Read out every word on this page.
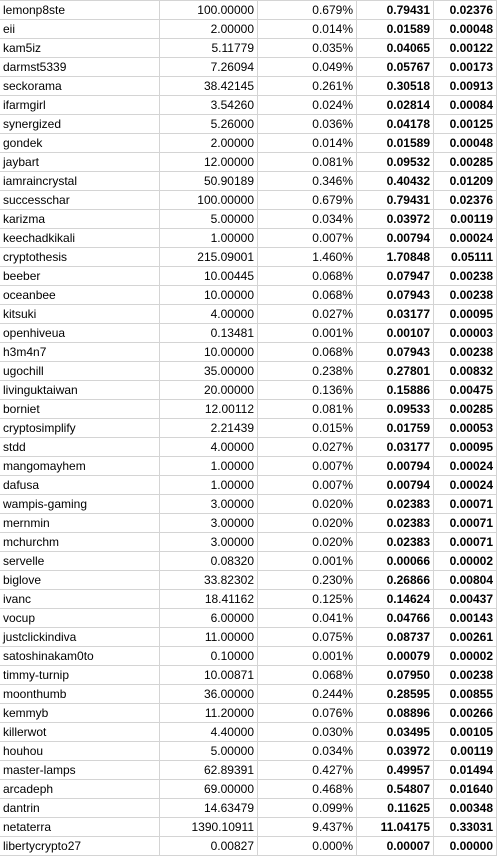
lemonp8ste	100.00000	0.679%	0.79431	0.02376
eii	2.00000	0.014%	0.01589	0.00048
kam5iz	5.11779	0.035%	0.04065	0.00122
darmst5339	7.26094	0.049%	0.05767	0.00173
seckorama	38.42145	0.261%	0.30518	0.00913
ifarmgirl	3.54260	0.024%	0.02814	0.00084
synergized	5.26000	0.036%	0.04178	0.00125
gondek	2.00000	0.014%	0.01589	0.00048
jaybart	12.00000	0.081%	0.09532	0.00285
iamraincrystal	50.90189	0.346%	0.40432	0.01209
successchar	100.00000	0.679%	0.79431	0.02376
karizma	5.00000	0.034%	0.03972	0.00119
keechadkikali	1.00000	0.007%	0.00794	0.00024
cryptothesis	215.09001	1.460%	1.70848	0.05111
beeber	10.00445	0.068%	0.07947	0.00238
oceanbee	10.00000	0.068%	0.07943	0.00238
kitsuki	4.00000	0.027%	0.03177	0.00095
openhiveua	0.13481	0.001%	0.00107	0.00003
h3m4n7	10.00000	0.068%	0.07943	0.00238
ugochill	35.00000	0.238%	0.27801	0.00832
livinguktaiwan	20.00000	0.136%	0.15886	0.00475
borniet	12.00112	0.081%	0.09533	0.00285
cryptosimplify	2.21439	0.015%	0.01759	0.00053
stdd	4.00000	0.027%	0.03177	0.00095
mangomayhem	1.00000	0.007%	0.00794	0.00024
dafusa	1.00000	0.007%	0.00794	0.00024
wampis-gaming	3.00000	0.020%	0.02383	0.00071
mernmin	3.00000	0.020%	0.02383	0.00071
mchurchm	3.00000	0.020%	0.02383	0.00071
servelle	0.08320	0.001%	0.00066	0.00002
biglove	33.82302	0.230%	0.26866	0.00804
ivanc	18.41162	0.125%	0.14624	0.00437
vocup	6.00000	0.041%	0.04766	0.00143
justclickindiva	11.00000	0.075%	0.08737	0.00261
satoshinakam0to	0.10000	0.001%	0.00079	0.00002
timmy-turnip	10.00871	0.068%	0.07950	0.00238
moonthumb	36.00000	0.244%	0.28595	0.00855
kemmyb	11.20000	0.076%	0.08896	0.00266
killerwot	4.40000	0.030%	0.03495	0.00105
houhou	5.00000	0.034%	0.03972	0.00119
master-lamps	62.89391	0.427%	0.49957	0.01494
arcadeph	69.00000	0.468%	0.54807	0.01640
dantrin	14.63479	0.099%	0.11625	0.00348
netaterra	1390.10911	9.437%	11.04175	0.33031
libertycrypto27	0.00827	0.000%	0.00007	0.00000
